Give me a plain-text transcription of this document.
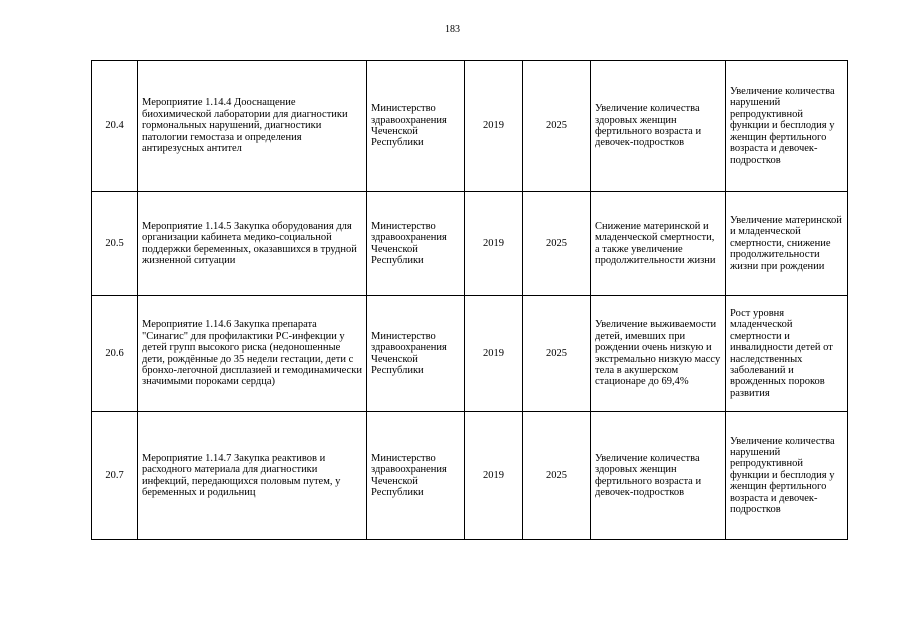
183
20.4	Мероприятие 1.14.4 Дооснащение биохимической лаборатории для диагностики гормональных нарушений, диагностики патологии гемостаза и определения антирезусных антител	Министерство здравоохранения Чеченской Республики	2019	2025	Увеличение количества здоровых женщин фертильного возраста и девочек-подростков	Увеличение количества нарушений репродуктивной функции и бесплодия у женщин фертильного возраста и девочек-подростков
20.5	Мероприятие 1.14.5 Закупка оборудования для организации кабинета медико-социальной поддержки беременных, оказавшихся в трудной жизненной ситуации	Министерство здравоохранения Чеченской Республики	2019	2025	Снижение материнской и младенческой смертности, а также увеличение продолжительности жизни	Увеличение материнской и младенческой смертности, снижение продолжительности жизни при рождении
20.6	Мероприятие 1.14.6 Закупка препарата "Синагис" для профилактики РС-инфекции у детей групп высокого риска (недоношенные дети, рождённые до 35 недели гестации, дети с бронхо-легочной дисплазией и гемодинамически значимыми пороками сердца)	Министерство здравоохранения Чеченской Республики	2019	2025	Увеличение выживаемости детей, имевших при рождении очень низкую и экстремально низкую массу тела в акушерском стационаре до 69,4%	Рост уровня младенческой смертности и инвалидности детей от наследственных заболеваний и врожденных пороков развития
20.7	Мероприятие 1.14.7 Закупка реактивов и расходного материала для диагностики инфекций, передающихся половым путем, у беременных и родильниц	Министерство здравоохранения Чеченской Республики	2019	2025	Увеличение количества здоровых женщин фертильного возраста и девочек-подростков	Увеличение количества нарушений репродуктивной функции и бесплодия у женщин фертильного возраста и девочек-подростков
